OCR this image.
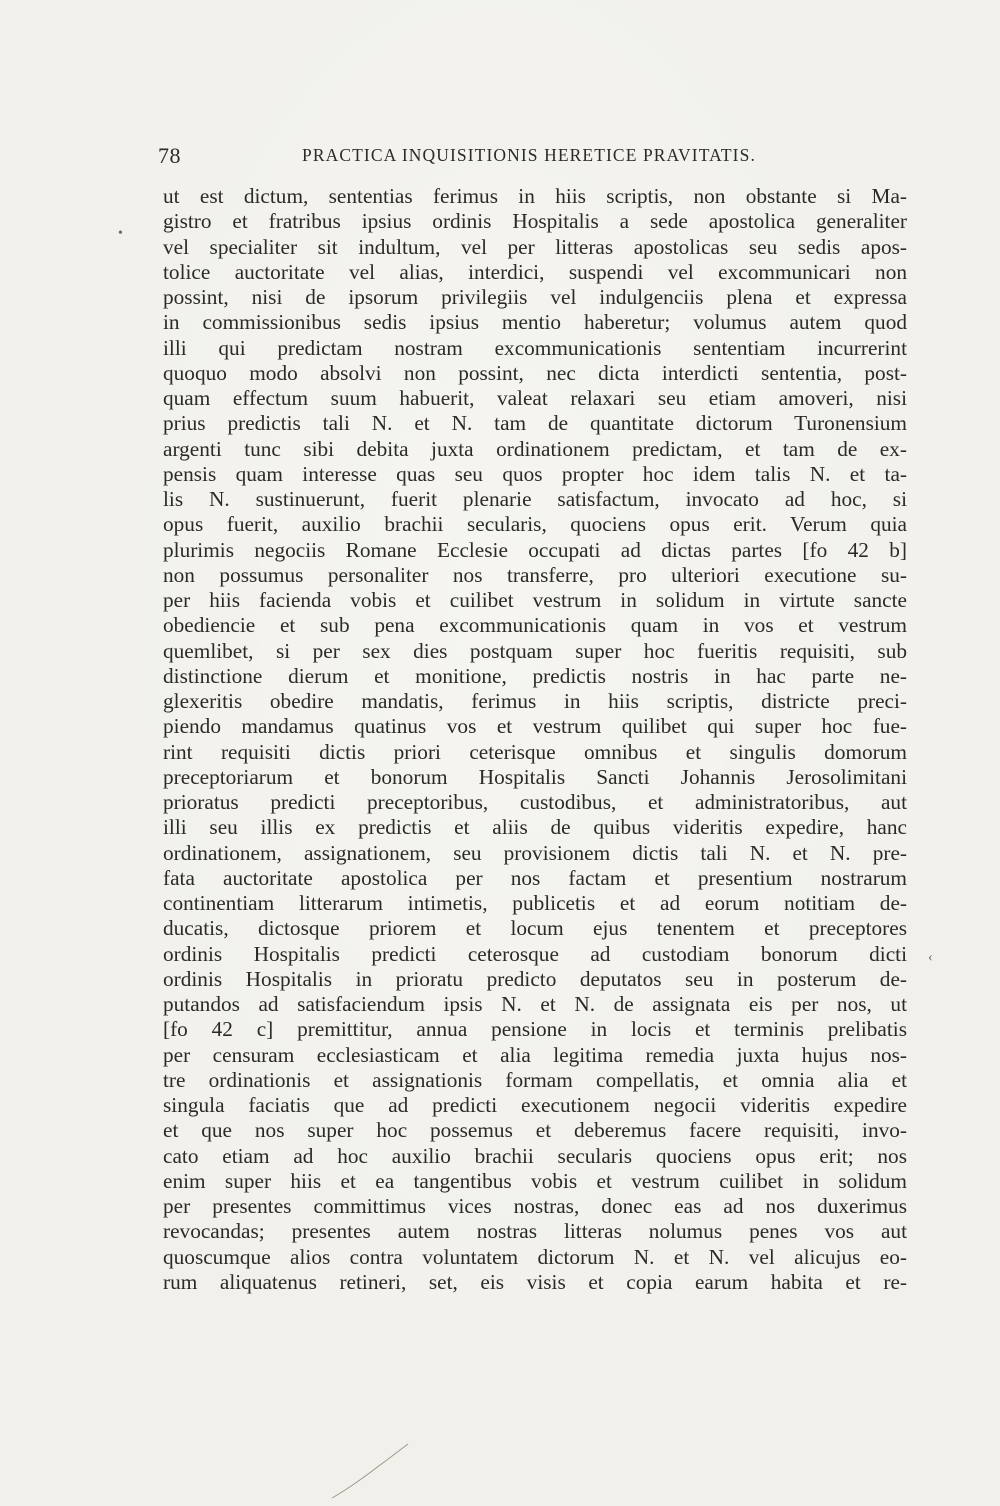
78	PRACTICA INQUISITIONIS HERETICE PRAVITATIS.
•
‹
ut est dictum, sententias ferimus in hiis scriptis, non obstante si Ma-
gistro et fratribus ipsius ordinis Hospitalis a sede apostolica generaliter
vel specialiter sit indultum, vel per litteras apostolicas seu sedis apos-
tolice auctoritate vel alias, interdici, suspendi vel excommunicari non
possint, nisi de ipsorum privilegiis vel indulgenciis plena et expressa
in commissionibus sedis ipsius mentio haberetur; volumus autem quod
illi qui predictam nostram excommunicationis sententiam incurrerint
quoquo modo absolvi non possint, nec dicta interdicti sententia, post-
quam effectum suum habuerit, valeat relaxari seu etiam amoveri, nisi
prius predictis tali N. et N. tam de quantitate dictorum Turonensium
argenti tunc sibi debita juxta ordinationem predictam, et tam de ex-
pensis quam interesse quas seu quos propter hoc idem talis N. et ta-
lis N. sustinuerunt, fuerit plenarie satisfactum, invocato ad hoc, si
opus fuerit, auxilio brachii secularis, quociens opus erit. Verum quia
plurimis negociis Romane Ecclesie occupati ad dictas partes [fo 42 b]
non possumus personaliter nos transferre, pro ulteriori executione su-
per hiis facienda vobis et cuilibet vestrum in solidum in virtute sancte
obediencie et sub pena excommunicationis quam in vos et vestrum
quemlibet, si per sex dies postquam super hoc fueritis requisiti, sub
distinctione dierum et monitione, predictis nostris in hac parte ne-
glexeritis obedire mandatis, ferimus in hiis scriptis, districte preci-
piendo mandamus quatinus vos et vestrum quilibet qui super hoc fue-
rint requisiti dictis priori ceterisque omnibus et singulis domorum
preceptoriarum et bonorum Hospitalis Sancti Johannis Jerosolimitani
prioratus predicti preceptoribus, custodibus, et administratoribus, aut
illi seu illis ex predictis et aliis de quibus videritis expedire, hanc
ordinationem, assignationem, seu provisionem dictis tali N. et N. pre-
fata auctoritate apostolica per nos factam et presentium nostrarum
continentiam litterarum intimetis, publicetis et ad eorum notitiam de-
ducatis, dictosque priorem et locum ejus tenentem et preceptores
ordinis Hospitalis predicti ceterosque ad custodiam bonorum dicti
ordinis Hospitalis in prioratu predicto deputatos seu in posterum de-
putandos ad satisfaciendum ipsis N. et N. de assignata eis per nos, ut
[fo 42 c] premittitur, annua pensione in locis et terminis prelibatis
per censuram ecclesiasticam et alia legitima remedia juxta hujus nos-
tre ordinationis et assignationis formam compellatis, et omnia alia et
singula faciatis que ad predicti executionem negocii videritis expedire
et que nos super hoc possemus et deberemus facere requisiti, invo-
cato etiam ad hoc auxilio brachii secularis quociens opus erit; nos
enim super hiis et ea tangentibus vobis et vestrum cuilibet in solidum
per presentes committimus vices nostras, donec eas ad nos duxerimus
revocandas; presentes autem nostras litteras nolumus penes vos aut
quoscumque alios contra voluntatem dictorum N. et N. vel alicujus eo-
rum aliquatenus retineri, set, eis visis et copia earum habita et re-
